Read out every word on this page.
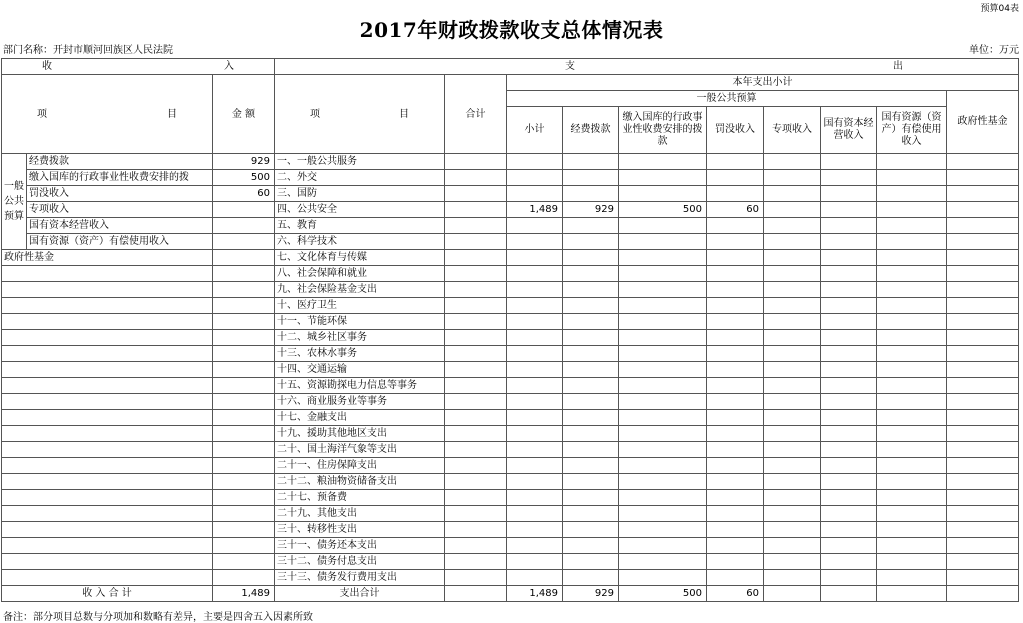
预算04表
2017年财政拨款收支总体情况表
部门名称：开封市顺河回族区人民法院	单位：万元
收 入			支 出									

项 目		金 额	项 目	合计	本年支出小计							
					一般公共预算							政府性基金
					小计	经费拨款	缴入国库的行政事业性收费安排的拨款	罚没收入	专项收入	国有资本经营收入	国有资源（资产）有偿使用收入	
一般公共预算	经费拨款	929	一、一般公共服务									
	缴入国库的行政事业性收费安排的拨	500	二、外交									
	罚没收入	60	三、国防									
	专项收入		四、公共安全		1,489	929	500	60				
	国有资本经营收入		五、教育									
	国有资源（资产）有偿使用收入		六、科学技术									
政府性基金			七、文化体育与传媒									
			八、社会保障和就业									
			九、社会保险基金支出									
			十、医疗卫生									
			十一、节能环保									
			十二、城乡社区事务									
			十三、农林水事务									
			十四、交通运输									
			十五、资源勘探电力信息等事务									
			十六、商业服务业等事务									
			十七、金融支出									
			十九、援助其他地区支出									
			二十、国土海洋气象等支出									
			二十一、住房保障支出									
			二十二、粮油物资储备支出									
			二十七、预备费									
			二十九、其他支出									
			三十、转移性支出									
			三十一、债务还本支出									
			三十二、债务付息支出									
			三十三、债务发行费用支出									
收 入 合 计		1,489	支出合计		1,489	929	500	60				
备注：部分项目总数与分项加和数略有差异，主要是四舍五入因素所致
